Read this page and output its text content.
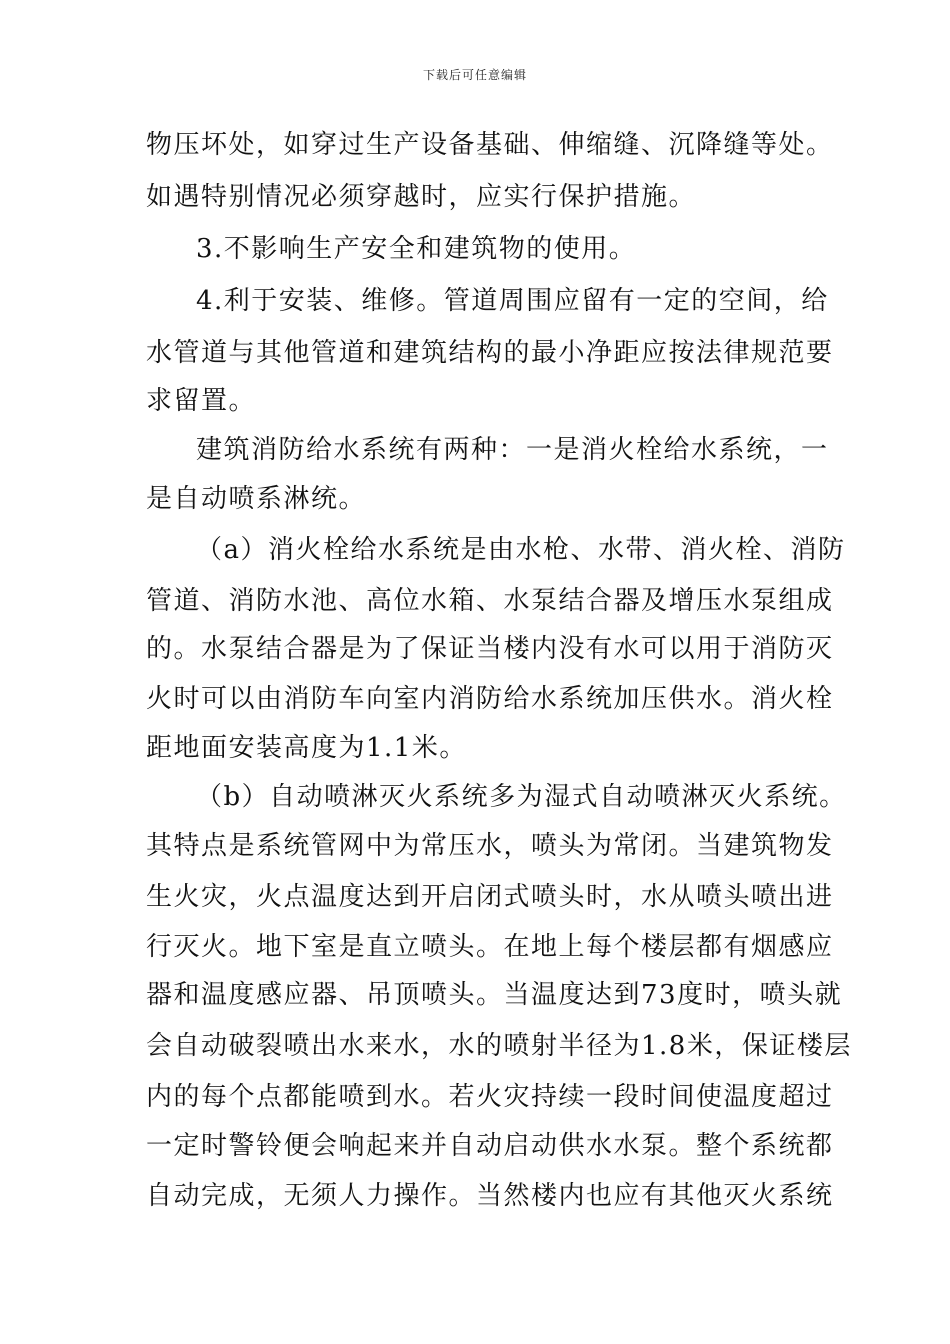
下载后可任意编辑
物压坏处，如穿过生产设备基础、伸缩缝、沉降缝等处。
如遇特别情况必须穿越时，应实行保护措施。
3.不影响生产安全和建筑物的使用。
4.利于安装、维修。管道周围应留有一定的空间，给
水管道与其他管道和建筑结构的最小净距应按法律规范要
求留置。
建筑消防给水系统有两种：一是消火栓给水系统，一
是自动喷系淋统。
（a）消火栓给水系统是由水枪、水带、消火栓、消防
管道、消防水池、高位水箱、水泵结合器及增压水泵组成
的。水泵结合器是为了保证当楼内没有水可以用于消防灭
火时可以由消防车向室内消防给水系统加压供水。消火栓
距地面安装高度为1.1米。
（b）自动喷淋灭火系统多为湿式自动喷淋灭火系统。
其特点是系统管网中为常压水，喷头为常闭。当建筑物发
生火灾，火点温度达到开启闭式喷头时，水从喷头喷出进
行灭火。地下室是直立喷头。在地上每个楼层都有烟感应
器和温度感应器、吊顶喷头。当温度达到73度时，喷头就
会自动破裂喷出水来水，水的喷射半径为1.8米，保证楼层
内的每个点都能喷到水。若火灾持续一段时间使温度超过
一定时警铃便会响起来并自动启动供水水泵。整个系统都
自动完成，无须人力操作。当然楼内也应有其他灭火系统
